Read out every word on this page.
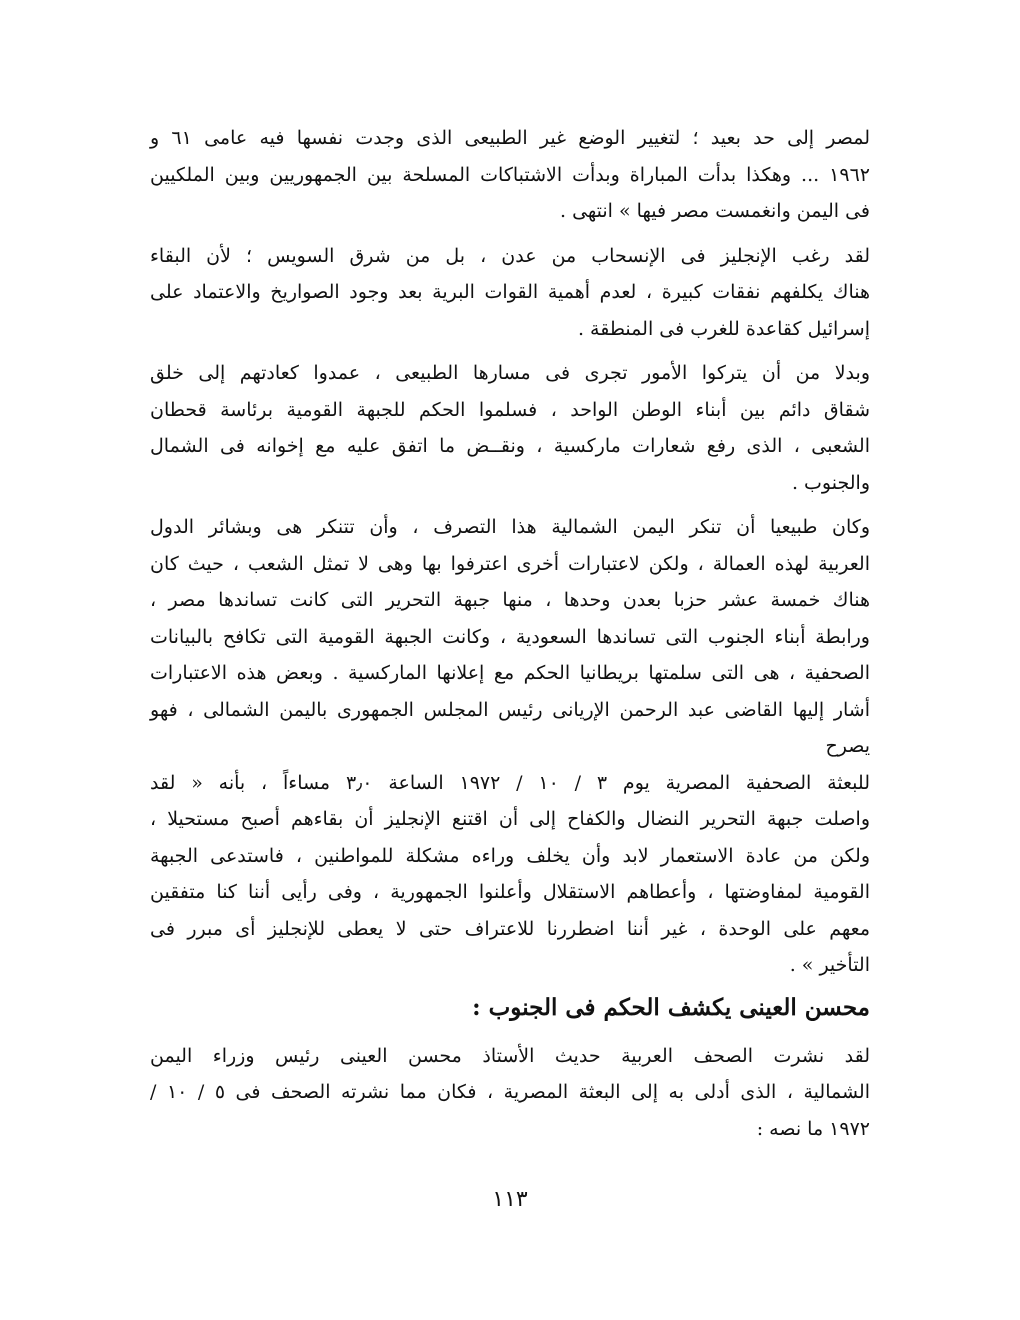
لمصر إلى حد بعيد ؛ لتغيير الوضع غير الطبيعى الذى وجدت نفسها فيه عامى ٦١ و
١٩٦٢ ... وهكذا بدأت المباراة وبدأت الاشتباكات المسلحة بين الجمهوريين وبين الملكيين
فى اليمن وانغمست مصر فيها » انتهى .

لقد رغب الإنجليز فى الإنسحاب من عدن ، بل من شرق السويس ؛ لأن البقاء
هناك يكلفهم نفقات كبيرة ، لعدم أهمية القوات البرية بعد وجود الصواريخ والاعتماد على
إسرائيل كقاعدة للغرب فى المنطقة .

وبدلا من أن يتركوا الأمور تجرى فى مسارها الطبيعى ، عمدوا كعادتهم إلى خلق
شقاق دائم بين أبناء الوطن الواحد ، فسلموا الحكم للجبهة القومية برئاسة قحطان
الشعبى ، الذى رفع شعارات ماركسية ، ونقــض ما اتفق عليه مع إخوانه فى الشمال
والجنوب .

وكان طبيعيا أن تنكر اليمن الشمالية هذا التصرف ، وأن تتنكر هى وبشائر الدول
العربية لهذه العمالة ، ولكن لاعتبارات أخرى اعترفوا بها وهى لا تمثل الشعب ، حيث كان
هناك خمسة عشر حزبا بعدن وحدها ، منها جبهة التحرير التى كانت تساندها مصر ،
ورابطة أبناء الجنوب التى تساندها السعودية ، وكانت الجبهة القومية التى تكافح بالبيانات
الصحفية ، هى التى سلمتها بريطانيا الحكم مع إعلانها الماركسية . وبعض هذه الاعتبارات
أشار إليها القاضى عبد الرحمن الإريانى رئيس المجلس الجمهورى باليمن الشمالى ، فهو يصرح
للبعثة الصحفية المصرية يوم ٣ / ١٠ / ١٩٧٢ الساعة ٣٫٠ مساءاً ، بأنه « لقد
واصلت جبهة التحرير النضال والكفاح إلى أن اقتنع الإنجليز أن بقاءهم أصبح مستحيلا ،
ولكن من عادة الاستعمار لابد وأن يخلف وراءه مشكلة للمواطنين ، فاستدعى الجبهة
القومية لمفاوضتها ، وأعطاهم الاستقلال وأعلنوا الجمهورية ، وفى رأيى أننا كنا متفقين
معهم على الوحدة ، غير أننا اضطررنا للاعتراف حتى لا يعطى للإنجليز أى مبرر فى
التأخير » .

محسن العينى يكشف الحكم فى الجنوب :

لقد نشرت الصحف العربية حديث الأستاذ محسن العينى رئيس وزراء اليمن
الشمالية ، الذى أدلى به إلى البعثة المصرية ، فكان مما نشرته الصحف فى ٥ / ١٠ /
١٩٧٢ ما نصه :

١١٣
